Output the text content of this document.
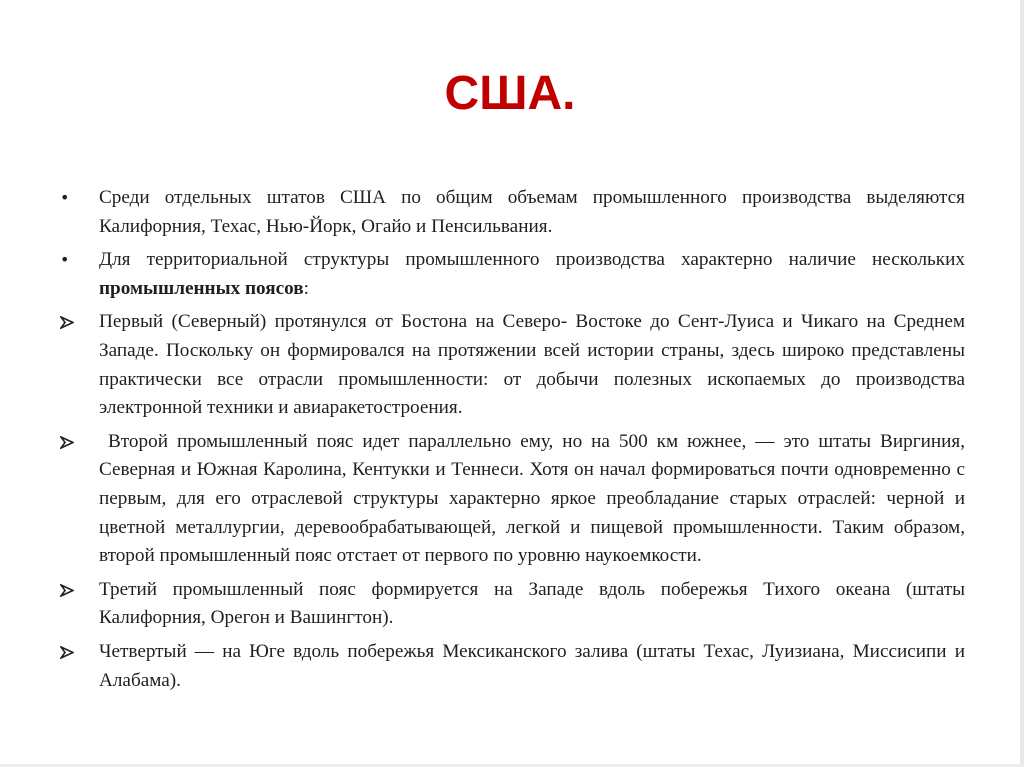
США.
•
Среди отдельных штатов США по общим объемам промышленного производства выделяются Калифорния, Техас, Нью-Йорк, Огайо и Пенсильвания.
•
Для территориальной структуры промышленного производства характерно наличие нескольких промышленных поясов:
Первый (Северный) протянулся от Бостона на Северо- Востоке до Сент-Луиса и Чикаго на Среднем Западе. Поскольку он формировался на протяжении всей истории страны, здесь широко представлены практически все отрасли промышленности: от добычи полезных ископаемых до производства электронной техники и авиаракетостроения.
Второй промышленный пояс идет параллельно ему, но на 500 км южнее, — это штаты Виргиния, Северная и Южная Каролина, Кентукки и Теннеси. Хотя он начал формироваться почти одновременно с первым, для его отраслевой структуры характерно яркое преобладание старых отраслей: черной и цветной металлургии, деревообрабатывающей, легкой и пищевой промышленности. Таким образом, второй промышленный пояс отстает от первого по уровню наукоемкости.
Третий промышленный пояс формируется на Западе вдоль побережья Тихого океана (штаты Калифорния, Орегон и Вашингтон).
Четвертый — на Юге вдоль побережья Мексиканского залива (штаты Техас, Луизиана, Миссисипи и Алабама).
